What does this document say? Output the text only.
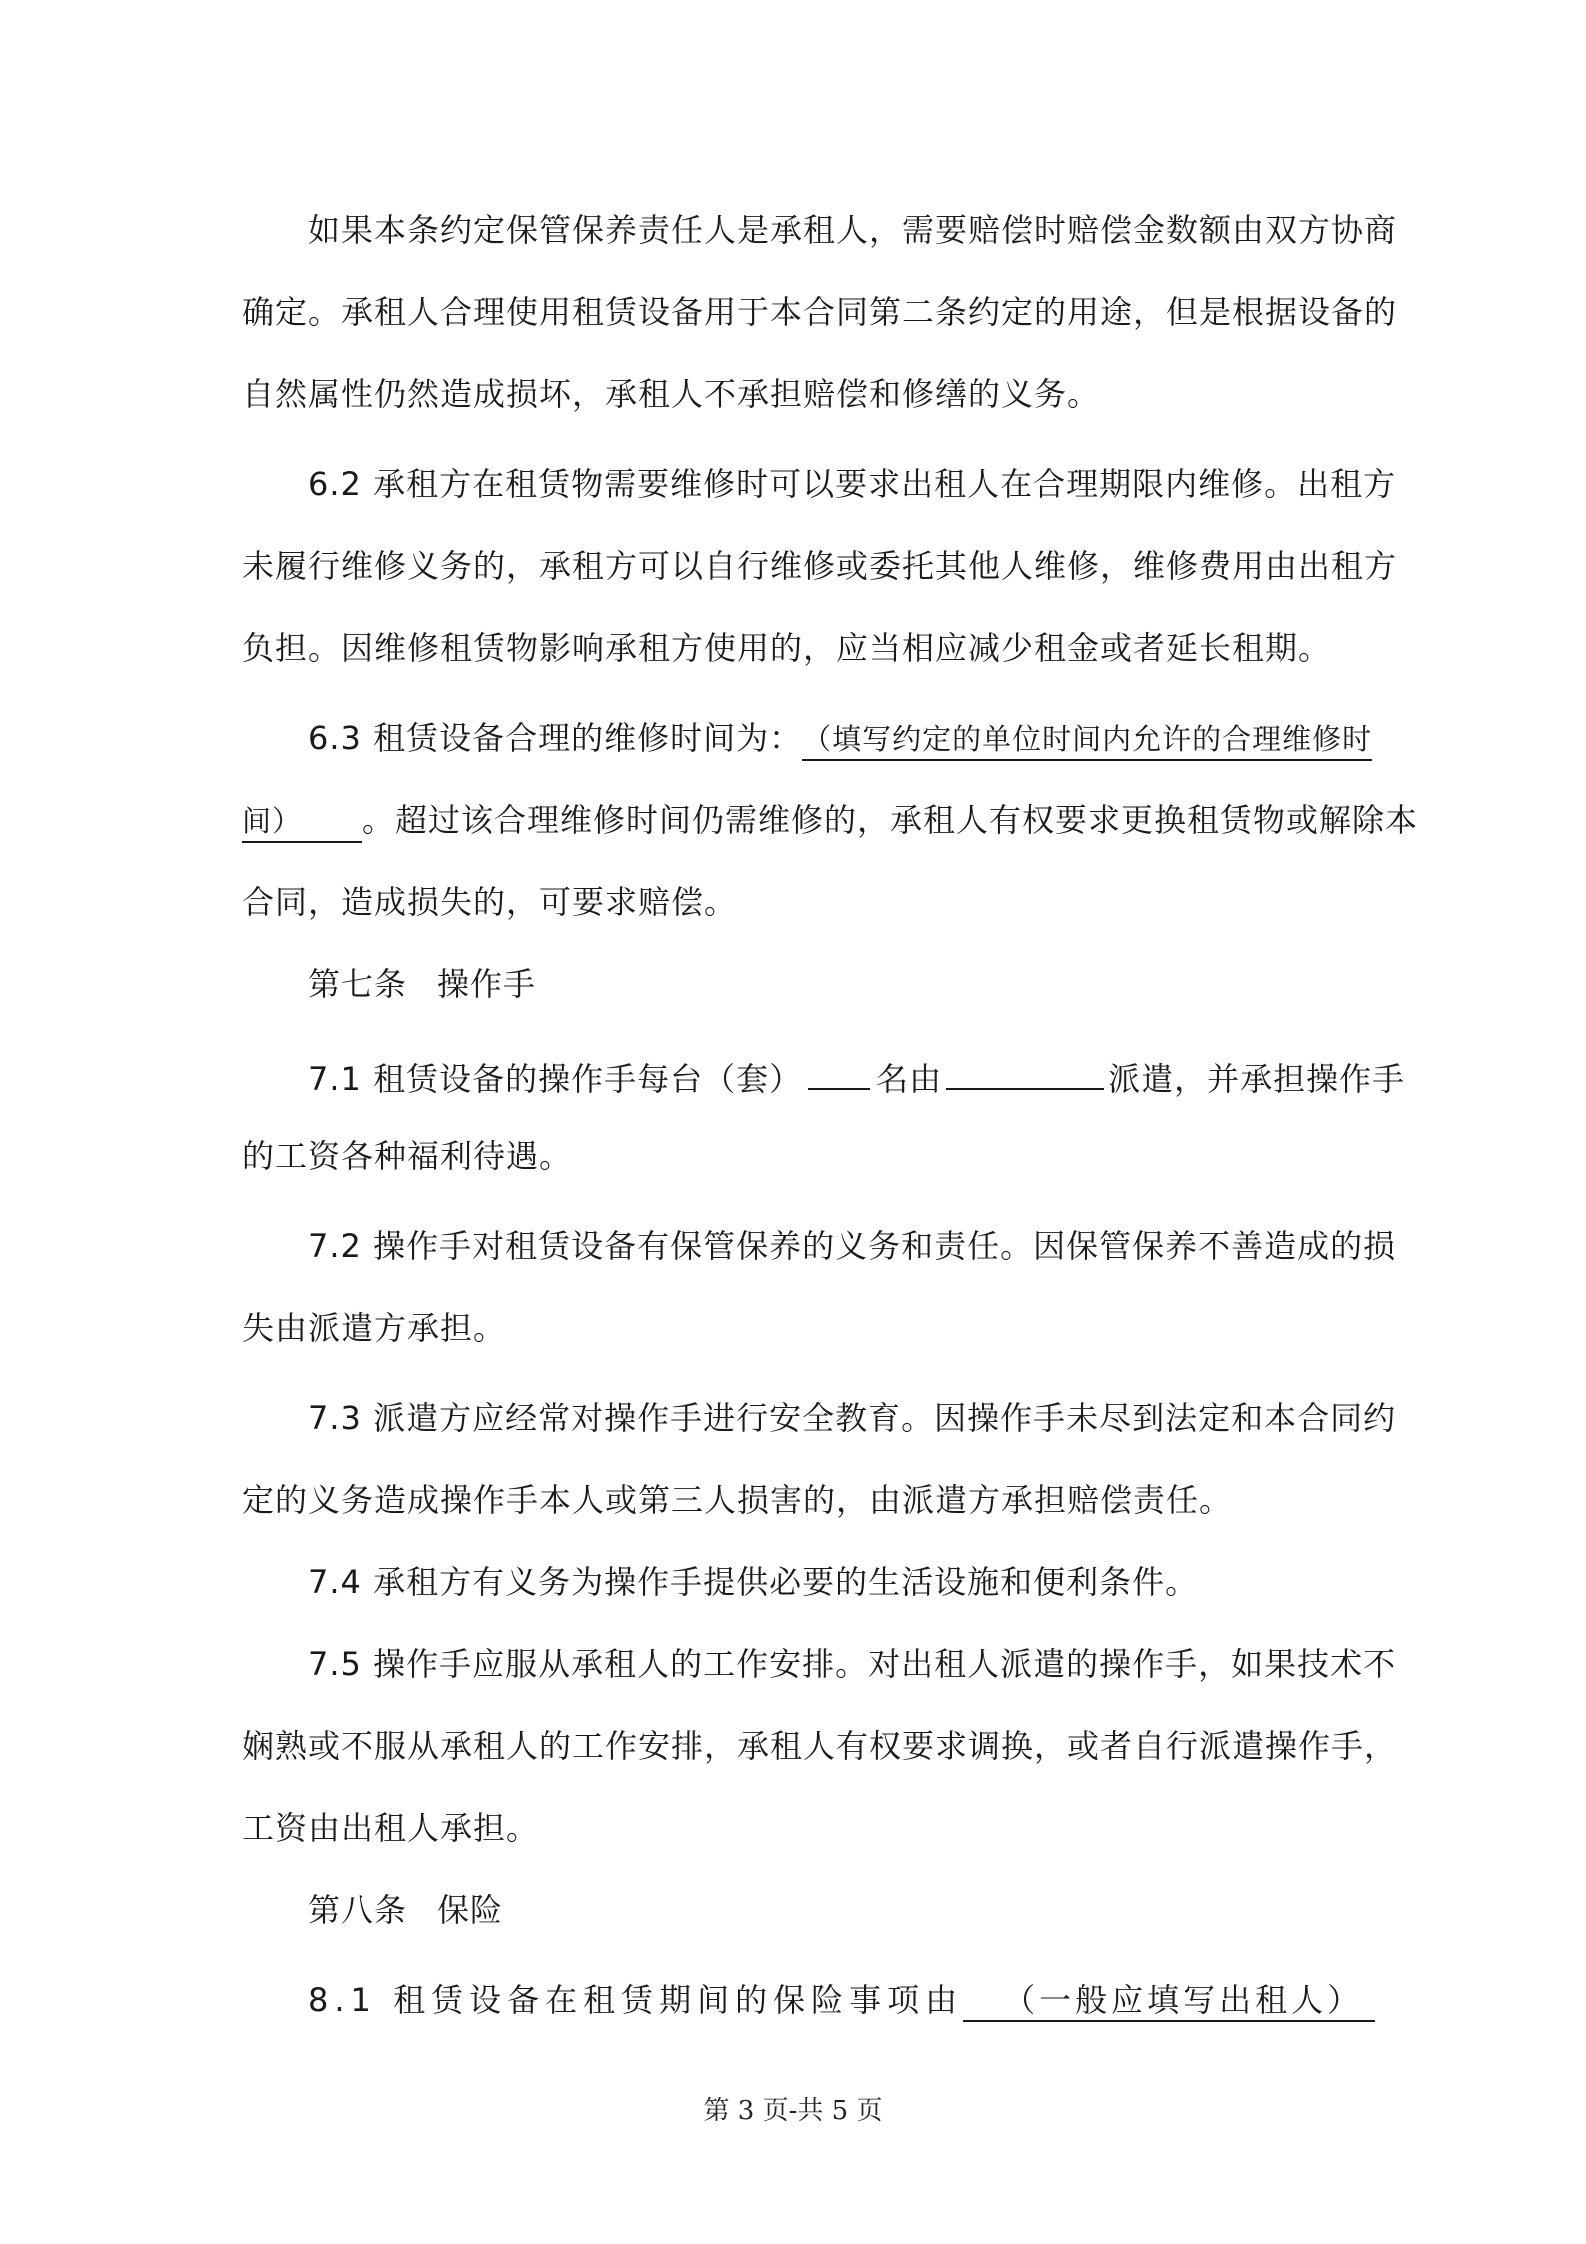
如果本条约定保管保养责任人是承租人，需要赔偿时赔偿金数额由双方协商
确定。承租人合理使用租赁设备用于本合同第二条约定的用途，但是根据设备的
自然属性仍然造成损坏，承租人不承担赔偿和修缮的义务。
6.2 承租方在租赁物需要维修时可以要求出租人在合理期限内维修。出租方
未履行维修义务的，承租方可以自行维修或委托其他人维修，维修费用由出租方
负担。因维修租赁物影响承租方使用的，应当相应减少租金或者延长租期。
6.3 租赁设备合理的维修时间为：（填写约定的单位时间内允许的合理维修时
间） 。超过该合理维修时间仍需维修的，承租人有权要求更换租赁物或解除本
合同，造成损失的，可要求赔偿。
第七条 操作手
7.1 租赁设备的操作手每台（套） 名由	派遣，并承担操作手
的工资各种福利待遇。
7.2 操作手对租赁设备有保管保养的义务和责任。因保管保养不善造成的损
失由派遣方承担。
7.3 派遣方应经常对操作手进行安全教育。因操作手未尽到法定和本合同约
定的义务造成操作手本人或第三人损害的，由派遣方承担赔偿责任。
7.4 承租方有义务为操作手提供必要的生活设施和便利条件。
7.5 操作手应服从承租人的工作安排。对出租人派遣的操作手，如果技术不
娴熟或不服从承租人的工作安排，承租人有权要求调换，或者自行派遣操作手，
工资由出租人承担。
第八条 保险
8.1 租赁设备在租赁期间的保险事项由 （一般应填写出租人）
第 3 页-共 5 页
